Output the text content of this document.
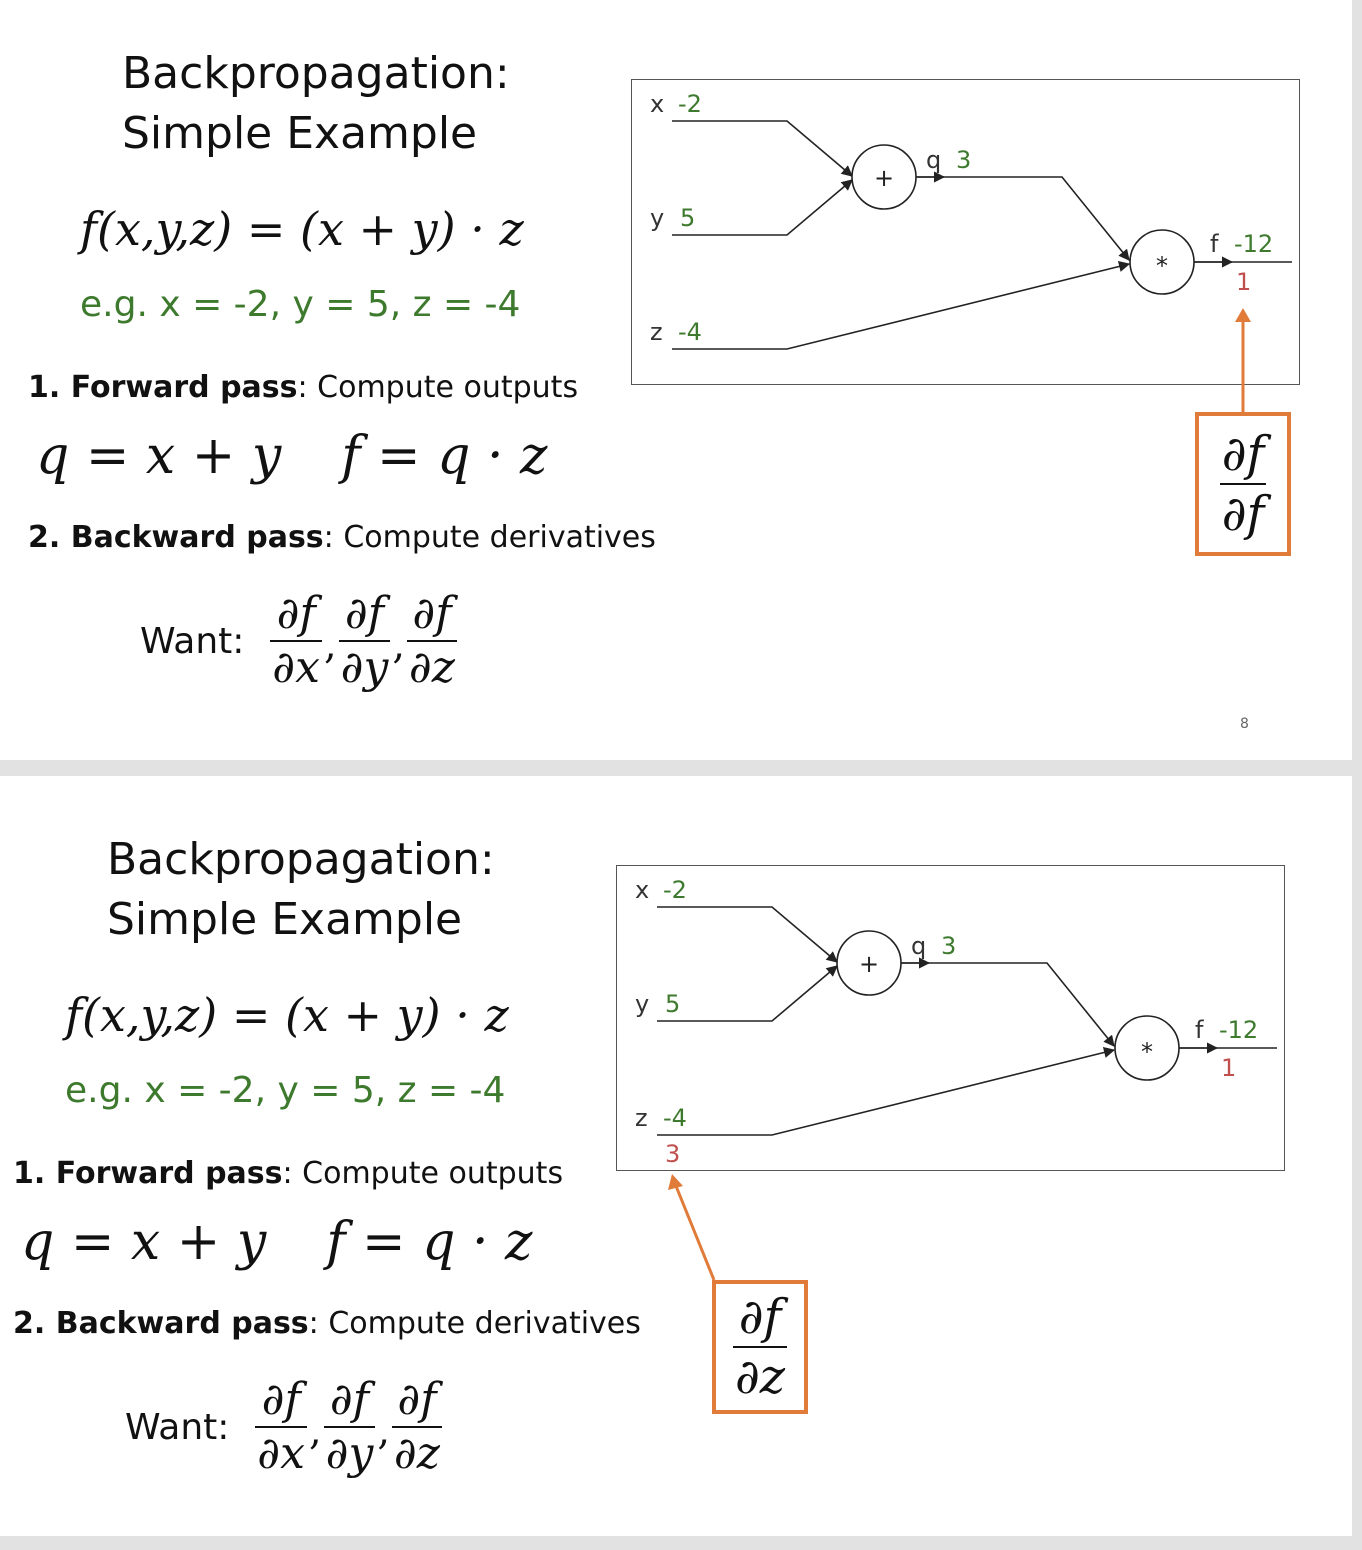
Backpropagation:
Simple Example
f(x,y,z) = (x + y) · z
e.g. x = -2, y = 5, z = -4
1. Forward pass: Compute outputs
q = x + y f = q · z
2. Backward pass: Compute derivatives
Want: $\frac{\partial f}{\partial x}$ , $\frac{\partial f}{\partial y}$ , $\frac{\partial f}{\partial z}$
+
*
x -2
y 5
z -4
q 3
f -12
1
$\frac{\partial f}{\partial f}$
8
Backpropagation:
Simple Example
f(x,y,z) = (x + y) · z
e.g. x = -2, y = 5, z = -4
1. Forward pass: Compute outputs
q = x + y f = q · z
2. Backward pass: Compute derivatives
Want: $\frac{\partial f}{\partial x}$ , $\frac{\partial f}{\partial y}$ , $\frac{\partial f}{\partial z}$
+
*
x -2
y 5
z -4
3
q 3
f -12
1
$\frac{\partial f}{\partial z}$
